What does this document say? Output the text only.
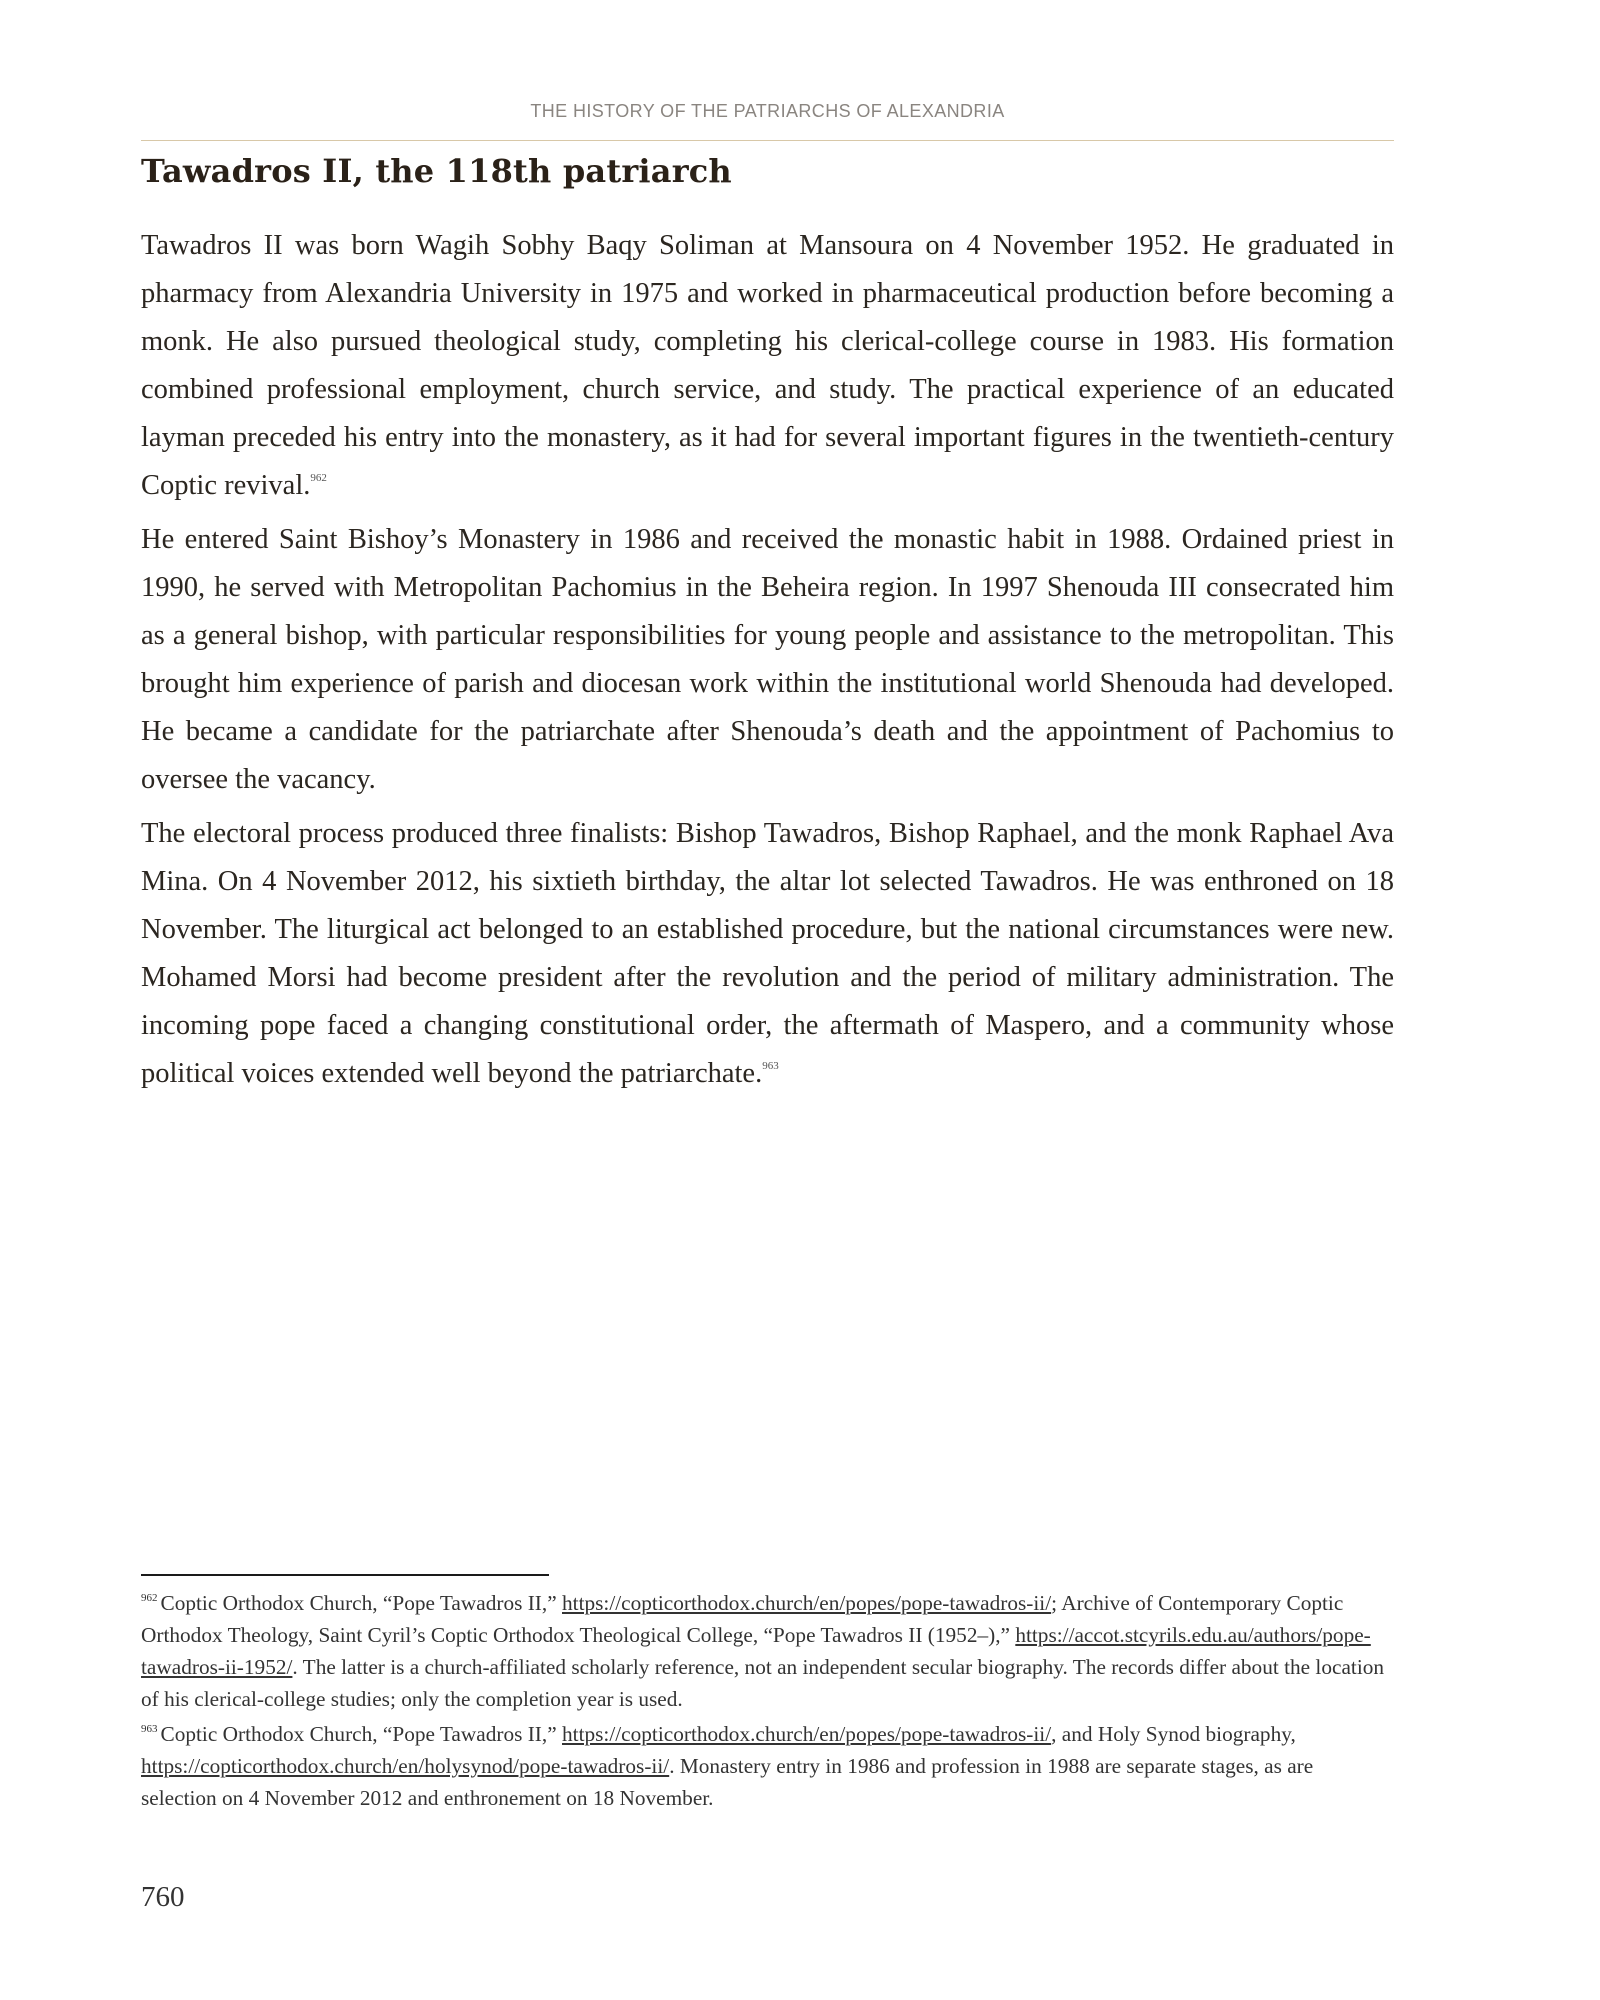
THE HISTORY OF THE PATRIARCHS OF ALEXANDRIA
Tawadros II, the 118th patriarch

Tawadros II was born Wagih Sobhy Baqy Soliman at Mansoura on 4 November 1952. He graduated in pharmacy from Alexandria University in 1975 and worked in pharmaceutical production before becoming a monk. He also pursued theological study, completing his clerical-college course in 1983. His formation combined professional employment, church service, and study. The practical experience of an educated layman preceded his entry into the monastery, as it had for several important figures in the twentieth-century Coptic revival.$^{962}$

He entered Saint Bishoy’s Monastery in 1986 and received the monastic habit in 1988. Ordained priest in 1990, he served with Metropolitan Pachomius in the Beheira region. In 1997 Shenouda III consecrated him as a general bishop, with particular responsibilities for young people and assistance to the metropolitan. This brought him experience of parish and diocesan work within the institutional world Shenouda had developed. He became a candidate for the patriarchate after Shenouda’s death and the appointment of Pachomius to oversee the vacancy.

The electoral process produced three finalists: Bishop Tawadros, Bishop Raphael, and the monk Raphael Ava Mina. On 4 November 2012, his sixtieth birthday, the altar lot selected Tawadros. He was enthroned on 18 November. The liturgical act belonged to an established procedure, but the national circumstances were new. Mohamed Morsi had become president after the revolution and the period of military administration. The incoming pope faced a changing constitutional order, the aftermath of Maspero, and a community whose political voices extended well beyond the patriarchate.$^{963}$

$^{962}$ Coptic Orthodox Church, “Pope Tawadros II,” https://copticorthodox.church/en/popes/pope-tawadros-ii/; Archive of Contemporary Coptic Orthodox Theology, Saint Cyril’s Coptic Orthodox Theological College, “Pope Tawadros II (1952–),” https://accot.stcyrils.edu.au/authors/pope-tawadros-ii-1952/. The latter is a church-affiliated scholarly reference, not an independent secular biography. The records differ about the location of his clerical-college studies; only the completion year is used.

$^{963}$ Coptic Orthodox Church, “Pope Tawadros II,” https://copticorthodox.church/en/popes/pope-tawadros-ii/, and Holy Synod biography, https://copticorthodox.church/en/holysynod/pope-tawadros-ii/. Monastery entry in 1986 and profession in 1988 are separate stages, as are selection on 4 November 2012 and enthronement on 18 November.

760
